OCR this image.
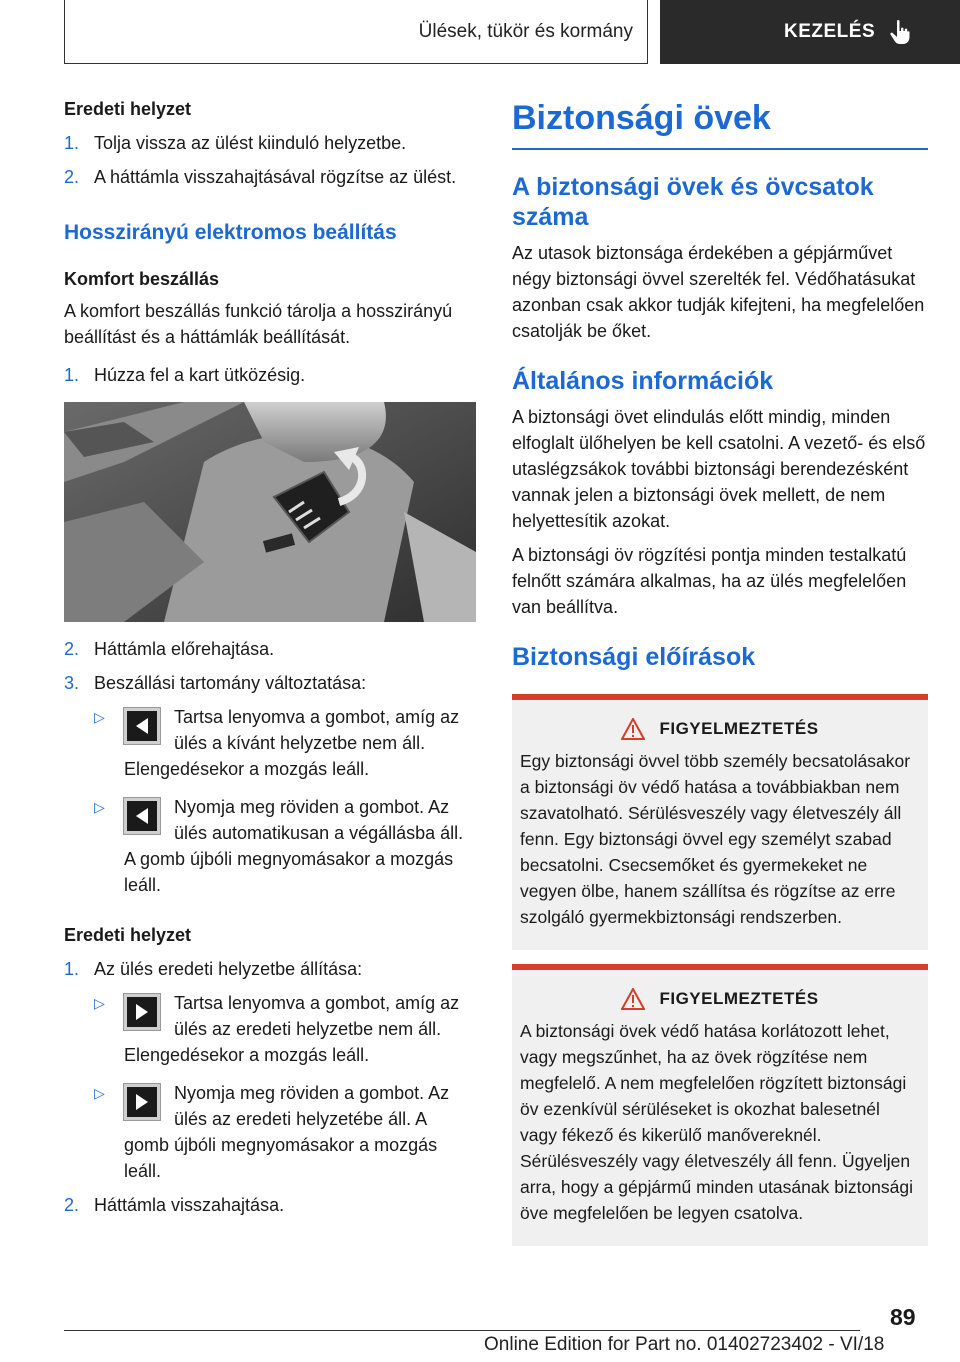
Ülések, tükör és kormány	KEZELÉS
Eredeti helyzet
1. Tolja vissza az ülést kiinduló helyzetbe.
2. A háttámla visszahajtásával rögzítse az ülést.
Hosszirányú elektromos beállítás
Komfort beszállás
A komfort beszállás funkció tárolja a hosszirányú beállítást és a háttámlák beállítását.
1. Húzza fel a kart ütközésig.
2. Háttámla előrehajtása.
3. Beszállási tartomány változtatása:
▷	Tartsa lenyomva a gombot, amíg az ülés a kívánt helyzetbe nem áll. Elengedésekor a mozgás leáll.
▷	Nyomja meg röviden a gombot. Az ülés automatikusan a végállásba áll. A gomb újbóli megnyomásakor a mozgás leáll.
Eredeti helyzet
1. Az ülés eredeti helyzetbe állítása:
▷	Tartsa lenyomva a gombot, amíg az ülés az eredeti helyzetbe nem áll. Elengedésekor a mozgás leáll.
▷	Nyomja meg röviden a gombot. Az ülés az eredeti helyzetébe áll. A gomb újbóli megnyomásakor a mozgás leáll.
2. Háttámla visszahajtása.
Biztonsági övek
A biztonsági övek és övcsatok száma
Az utasok biztonsága érdekében a gépjárművet négy biztonsági övvel szerelték fel. Védőhatásukat azonban csak akkor tudják kifejteni, ha megfelelően csatolják be őket.
Általános információk
A biztonsági övet elindulás előtt mindig, minden elfoglalt ülőhelyen be kell csatolni. A vezető- és első utaslégzsákok további biztonsági berendezésként vannak jelen a biztonsági övek mellett, de nem helyettesítik azokat.
A biztonsági öv rögzítési pontja minden testalkatú felnőtt számára alkalmas, ha az ülés megfelelően van beállítva.
Biztonsági előírások
FIGYELMEZTETÉS
Egy biztonsági övvel több személy becsatolásakor a biztonsági öv védő hatása a továbbiakban nem szavatolható. Sérülésveszély vagy életveszély áll fenn. Egy biztonsági övvel egy személyt szabad becsatolni. Csecsemőket és gyermekeket ne vegyen ölbe, hanem szállítsa és rögzítse az erre szolgáló gyermekbiztonsági rendszerben.
FIGYELMEZTETÉS
A biztonsági övek védő hatása korlátozott lehet, vagy megszűnhet, ha az övek rögzítése nem megfelelő. A nem megfelelően rögzített biztonsági öv ezenkívül sérüléseket is okozhat balesetnél vagy fékező és kikerülő manővereknél. Sérülésveszély vagy életveszély áll fenn. Ügyeljen arra, hogy a gépjármű minden utasának biztonsági öve megfelelően be legyen csatolva.
89
Online Edition for Part no. 01402723402 - VI/18
